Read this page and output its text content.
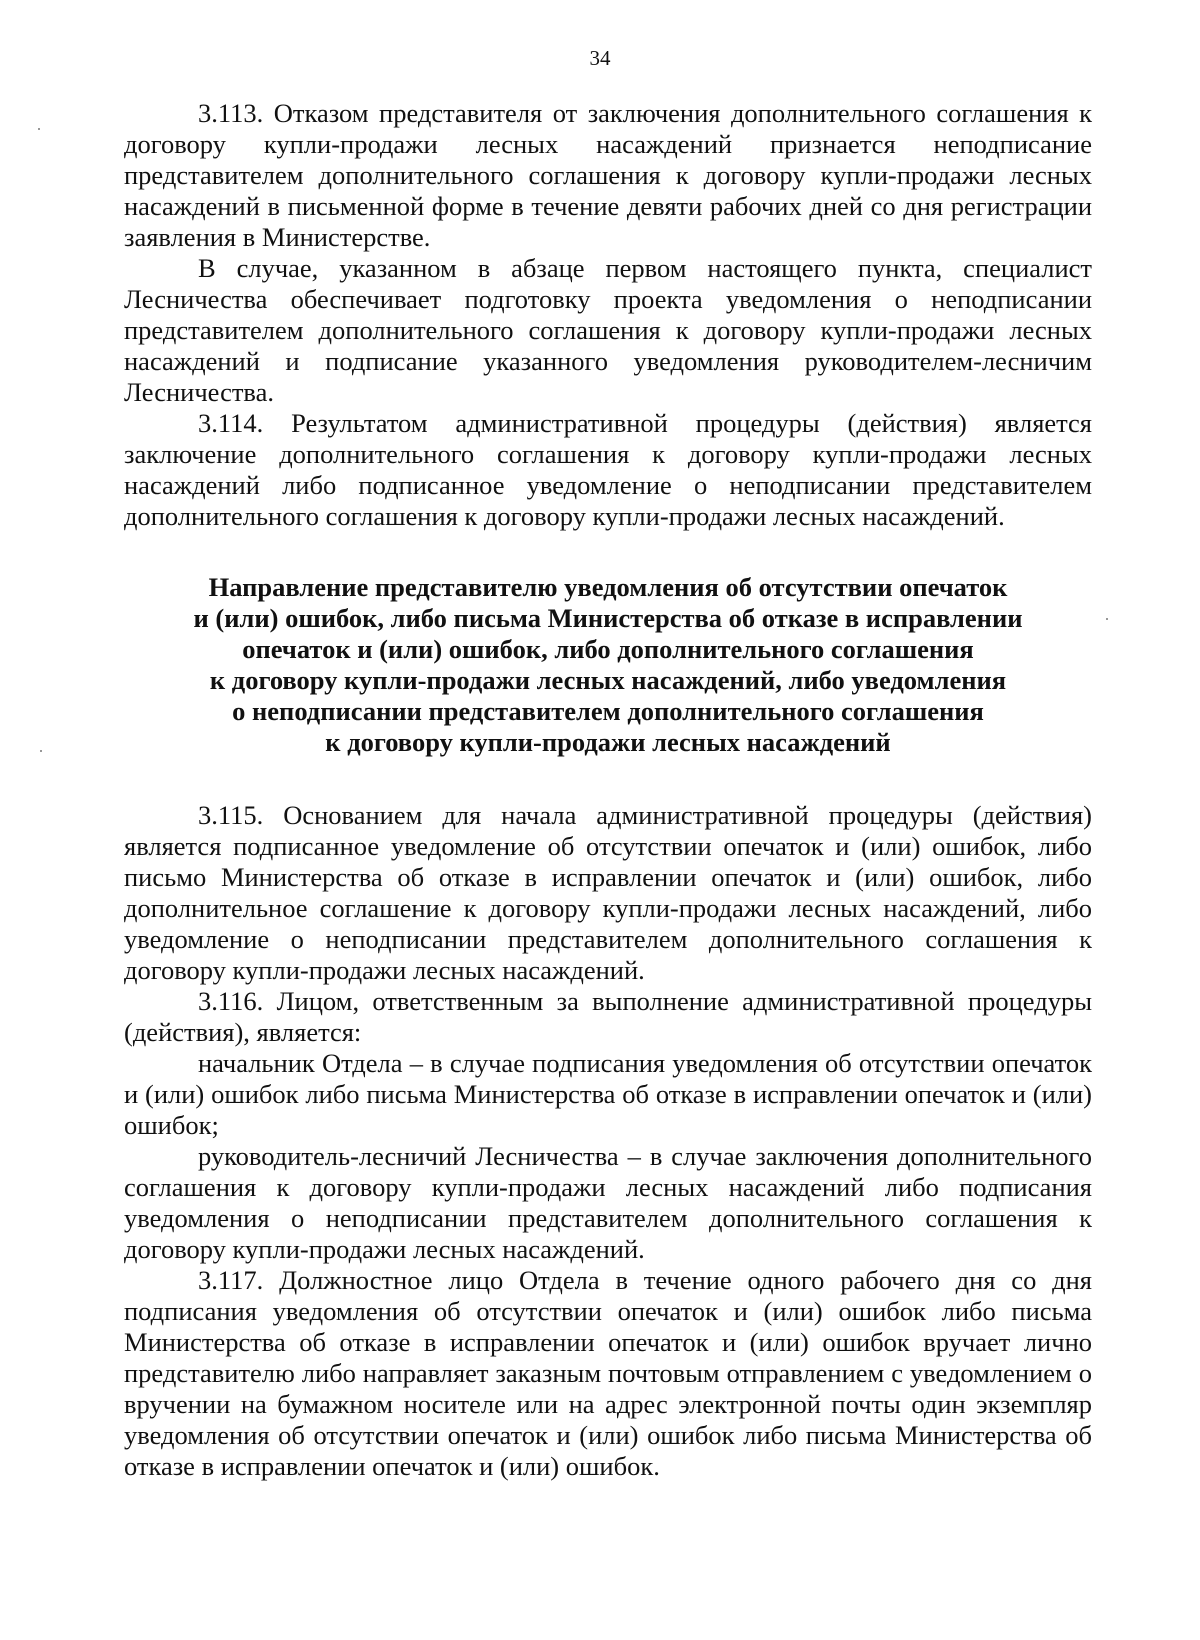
34

3.113. Отказом представителя от заключения дополнительного соглашения к договору купли-продажи лесных насаждений признается неподписание представителем дополнительного соглашения к договору купли-продажи лесных насаждений в письменной форме в течение девяти рабочих дней со дня регистрации заявления в Министерстве.

В случае, указанном в абзаце первом настоящего пункта, специалист Лесничества обеспечивает подготовку проекта уведомления о неподписании представителем дополнительного соглашения к договору купли-продажи лесных насаждений и подписание указанного уведомления руководителем-лесничим Лесничества.

3.114. Результатом административной процедуры (действия) является заключение дополнительного соглашения к договору купли-продажи лесных насаждений либо подписанное уведомление о неподписании представителем дополнительного соглашения к договору купли-продажи лесных насаждений.

Направление представителю уведомления об отсутствии опечаток
и (или) ошибок, либо письма Министерства об отказе в исправлении
опечаток и (или) ошибок, либо дополнительного соглашения
к договору купли-продажи лесных насаждений, либо уведомления
о неподписании представителем дополнительного соглашения
к договору купли-продажи лесных насаждений

3.115. Основанием для начала административной процедуры (действия) является подписанное уведомление об отсутствии опечаток и (или) ошибок, либо письмо Министерства об отказе в исправлении опечаток и (или) ошибок, либо дополнительное соглашение к договору купли-продажи лесных насаждений, либо уведомление о неподписании представителем дополнительного соглашения к договору купли-продажи лесных насаждений.

3.116. Лицом, ответственным за выполнение административной процедуры (действия), является:

начальник Отдела – в случае подписания уведомления об отсутствии опечаток и (или) ошибок либо письма Министерства об отказе в исправлении опечаток и (или) ошибок;

руководитель-лесничий Лесничества – в случае заключения дополнительного соглашения к договору купли-продажи лесных насаждений либо подписания уведомления о неподписании представителем дополнительного соглашения к договору купли-продажи лесных насаждений.

3.117. Должностное лицо Отдела в течение одного рабочего дня со дня подписания уведомления об отсутствии опечаток и (или) ошибок либо письма Министерства об отказе в исправлении опечаток и (или) ошибок вручает лично представителю либо направляет заказным почтовым отправлением с уведомлением о вручении на бумажном носителе или на адрес электронной почты один экземпляр уведомления об отсутствии опечаток и (или) ошибок либо письма Министерства об отказе в исправлении опечаток и (или) ошибок.
